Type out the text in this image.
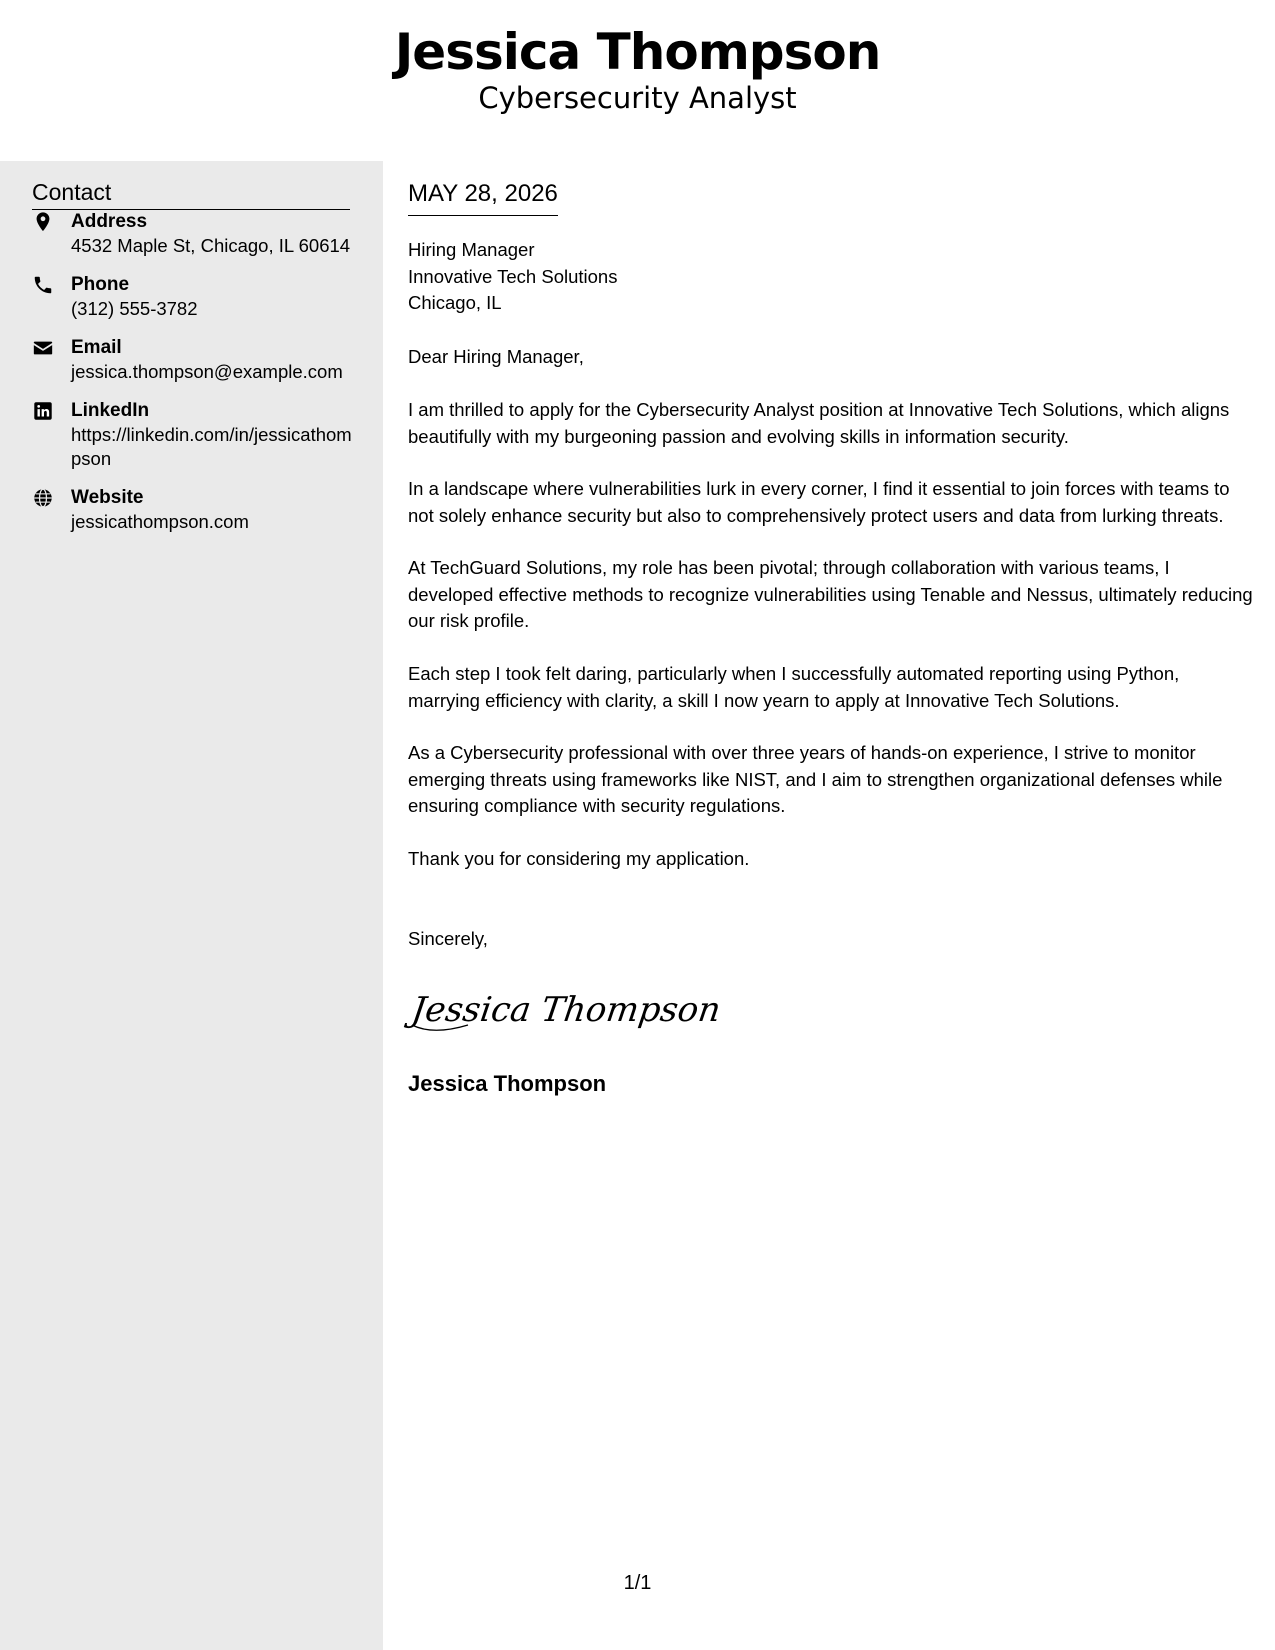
Jessica Thompson
Cybersecurity Analyst
Contact
Address
4532 Maple St, Chicago, IL 60614
Phone
(312) 555-3782
Email
jessica.thompson@example.com
LinkedIn
https://linkedin.com/in/jessicathompson
Website
jessicathompson.com
MAY 28, 2026
Hiring Manager
Innovative Tech Solutions
Chicago, IL
Dear Hiring Manager,
I am thrilled to apply for the Cybersecurity Analyst position at Innovative Tech Solutions, which aligns beautifully with my burgeoning passion and evolving skills in information security.
In a landscape where vulnerabilities lurk in every corner, I find it essential to join forces with teams to not solely enhance security but also to comprehensively protect users and data from lurking threats.
At TechGuard Solutions, my role has been pivotal; through collaboration with various teams, I developed effective methods to recognize vulnerabilities using Tenable and Nessus, ultimately reducing our risk profile.
Each step I took felt daring, particularly when I successfully automated reporting using Python, marrying efficiency with clarity, a skill I now yearn to apply at Innovative Tech Solutions.
As a Cybersecurity professional with over three years of hands-on experience, I strive to monitor emerging threats using frameworks like NIST, and I aim to strengthen organizational defenses while ensuring compliance with security regulations.
Thank you for considering my application.
Sincerely,
Jessica Thompson
Jessica Thompson
1/1
